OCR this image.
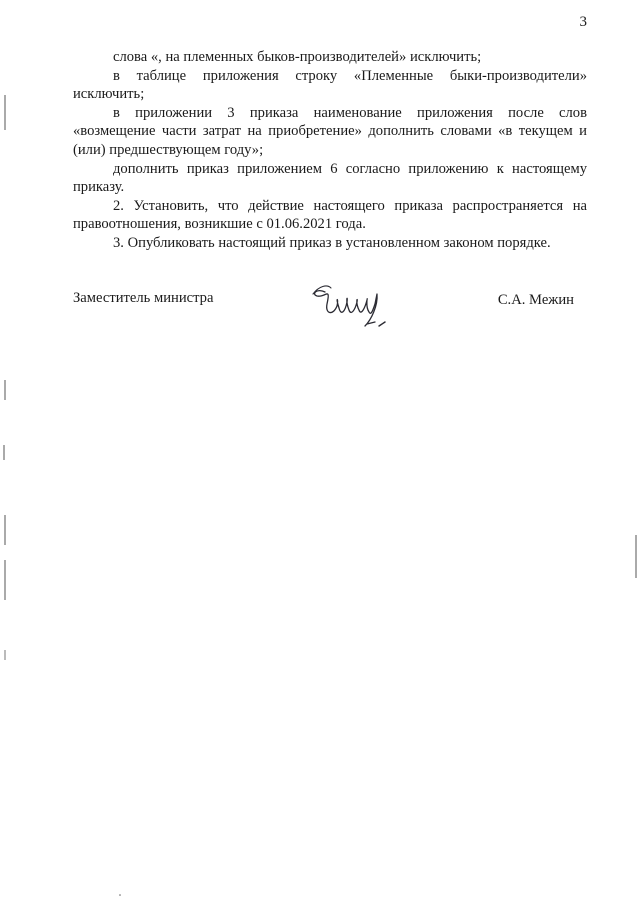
3

слова «, на племенных быков-производителей» исключить;

в таблице приложения строку «Племенные быки-производители» исключить;

в приложении 3 приказа наименование приложения после слов «возмещение части затрат на приобретение» дополнить словами «в текущем и (или) предшествующем году»;

дополнить приказ приложением 6 согласно приложению к настоящему приказу.

2. Установить, что действие настоящего приказа распространяется на правоотношения, возникшие с 01.06.2021 года.

3. Опубликовать настоящий приказ в установленном законом порядке.

Заместитель министра	С.А. Межин
